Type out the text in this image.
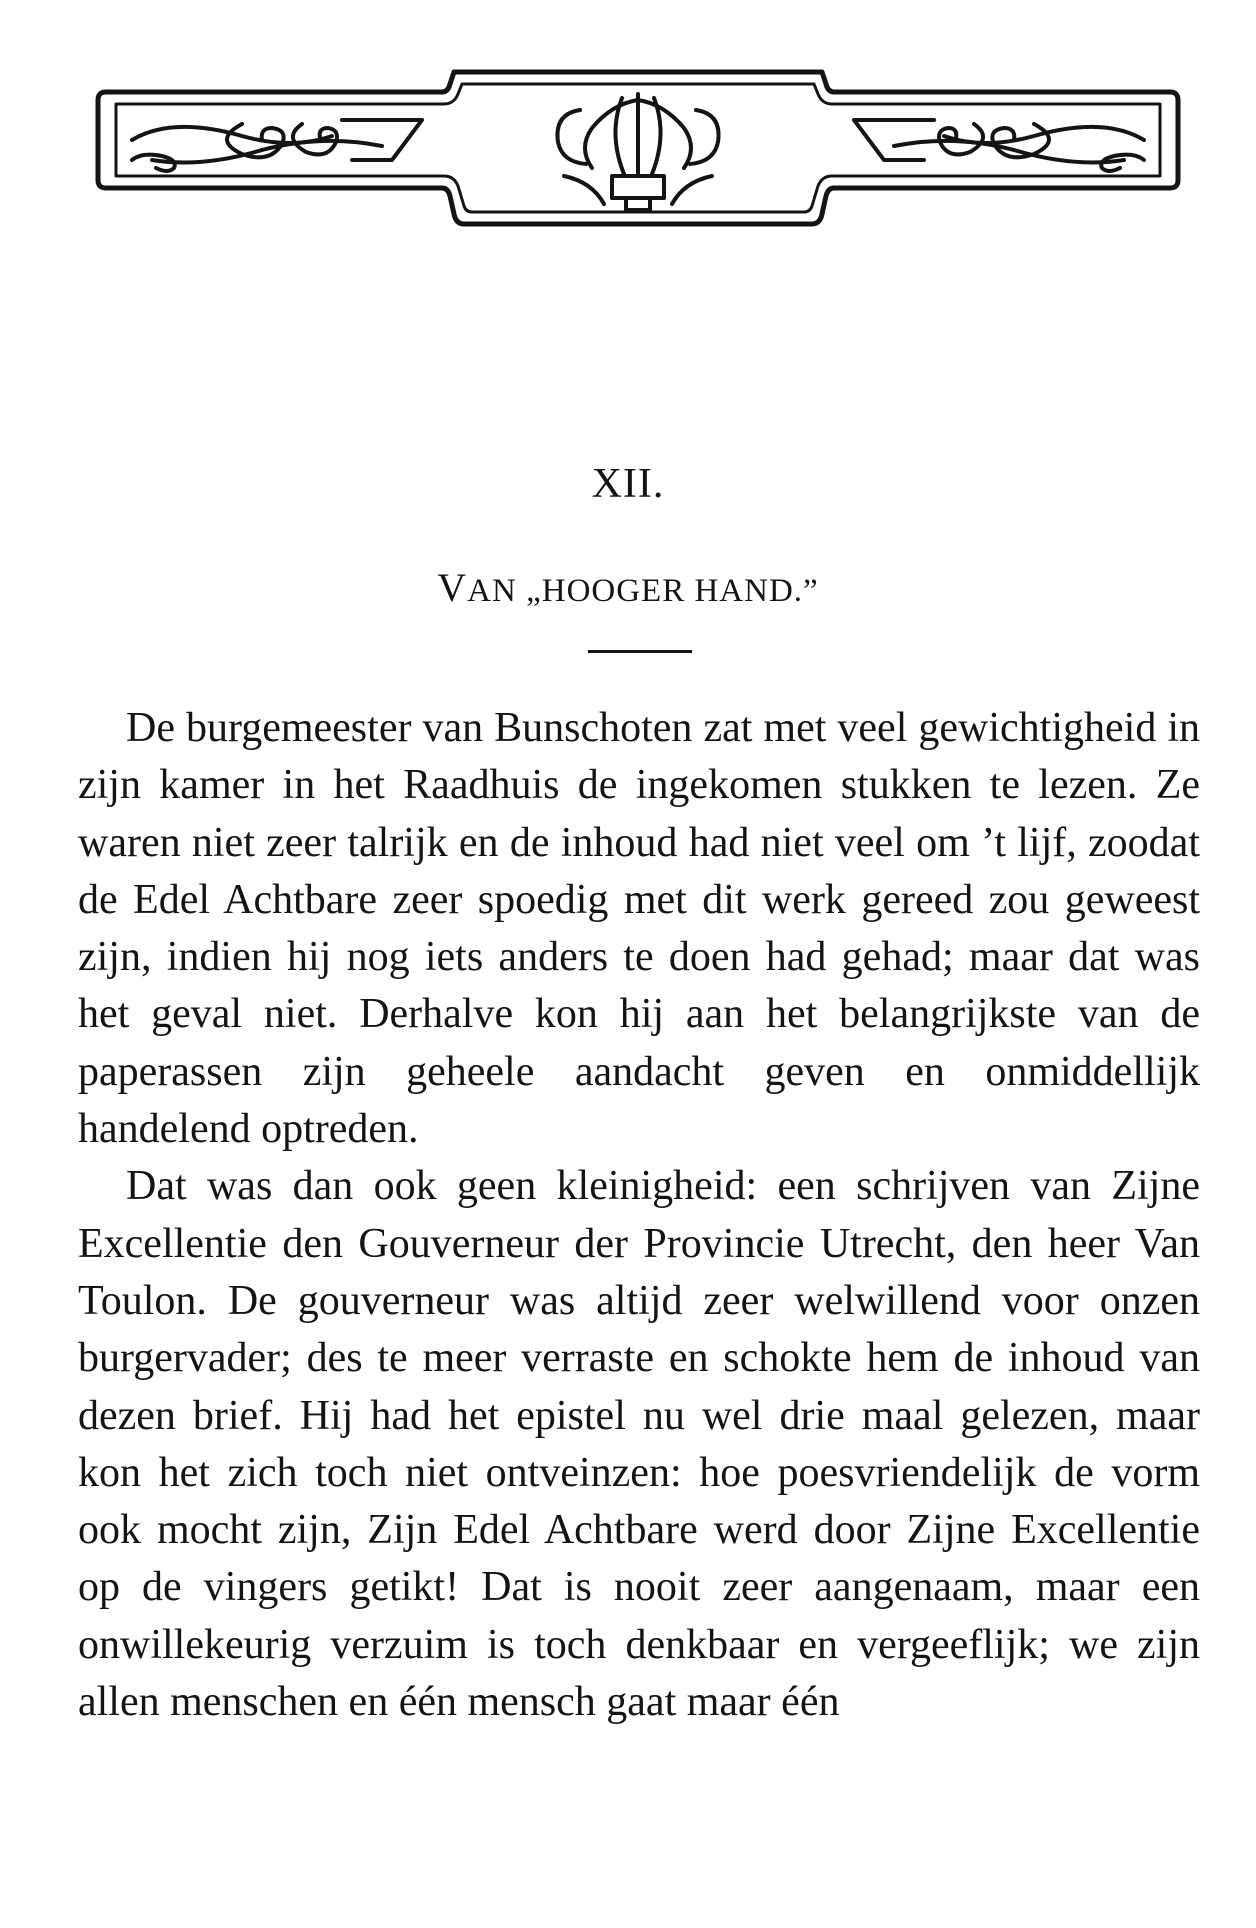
XII.
VAN „HOOGER HAND.”

De burgemeester van Bunschoten zat met veel gewichtigheid in zijn kamer in het Raadhuis de ingekomen stukken te lezen. Ze waren niet zeer talrijk en de inhoud had niet veel om ’t lijf, zoodat de Edel Achtbare zeer spoedig met dit werk gereed zou geweest zijn, indien hij nog iets anders te doen had gehad; maar dat was het geval niet. Derhalve kon hij aan het belangrijkste van de paperassen zijn geheele aandacht geven en onmiddellijk handelend optreden.

Dat was dan ook geen kleinigheid: een schrijven van Zijne Excellentie den Gouverneur der Provincie Utrecht, den heer Van Toulon. De gouverneur was altijd zeer welwillend voor onzen burgervader; des te meer verraste en schokte hem de inhoud van dezen brief. Hij had het epistel nu wel drie maal gelezen, maar kon het zich toch niet ontveinzen: hoe poesvriendelijk de vorm ook mocht zijn, Zijn Edel Achtbare werd door Zijne Excellentie op de vingers getikt! Dat is nooit zeer aangenaam, maar een onwillekeurig verzuim is toch denkbaar en vergeeflijk; we zijn allen menschen en één mensch gaat maar één
